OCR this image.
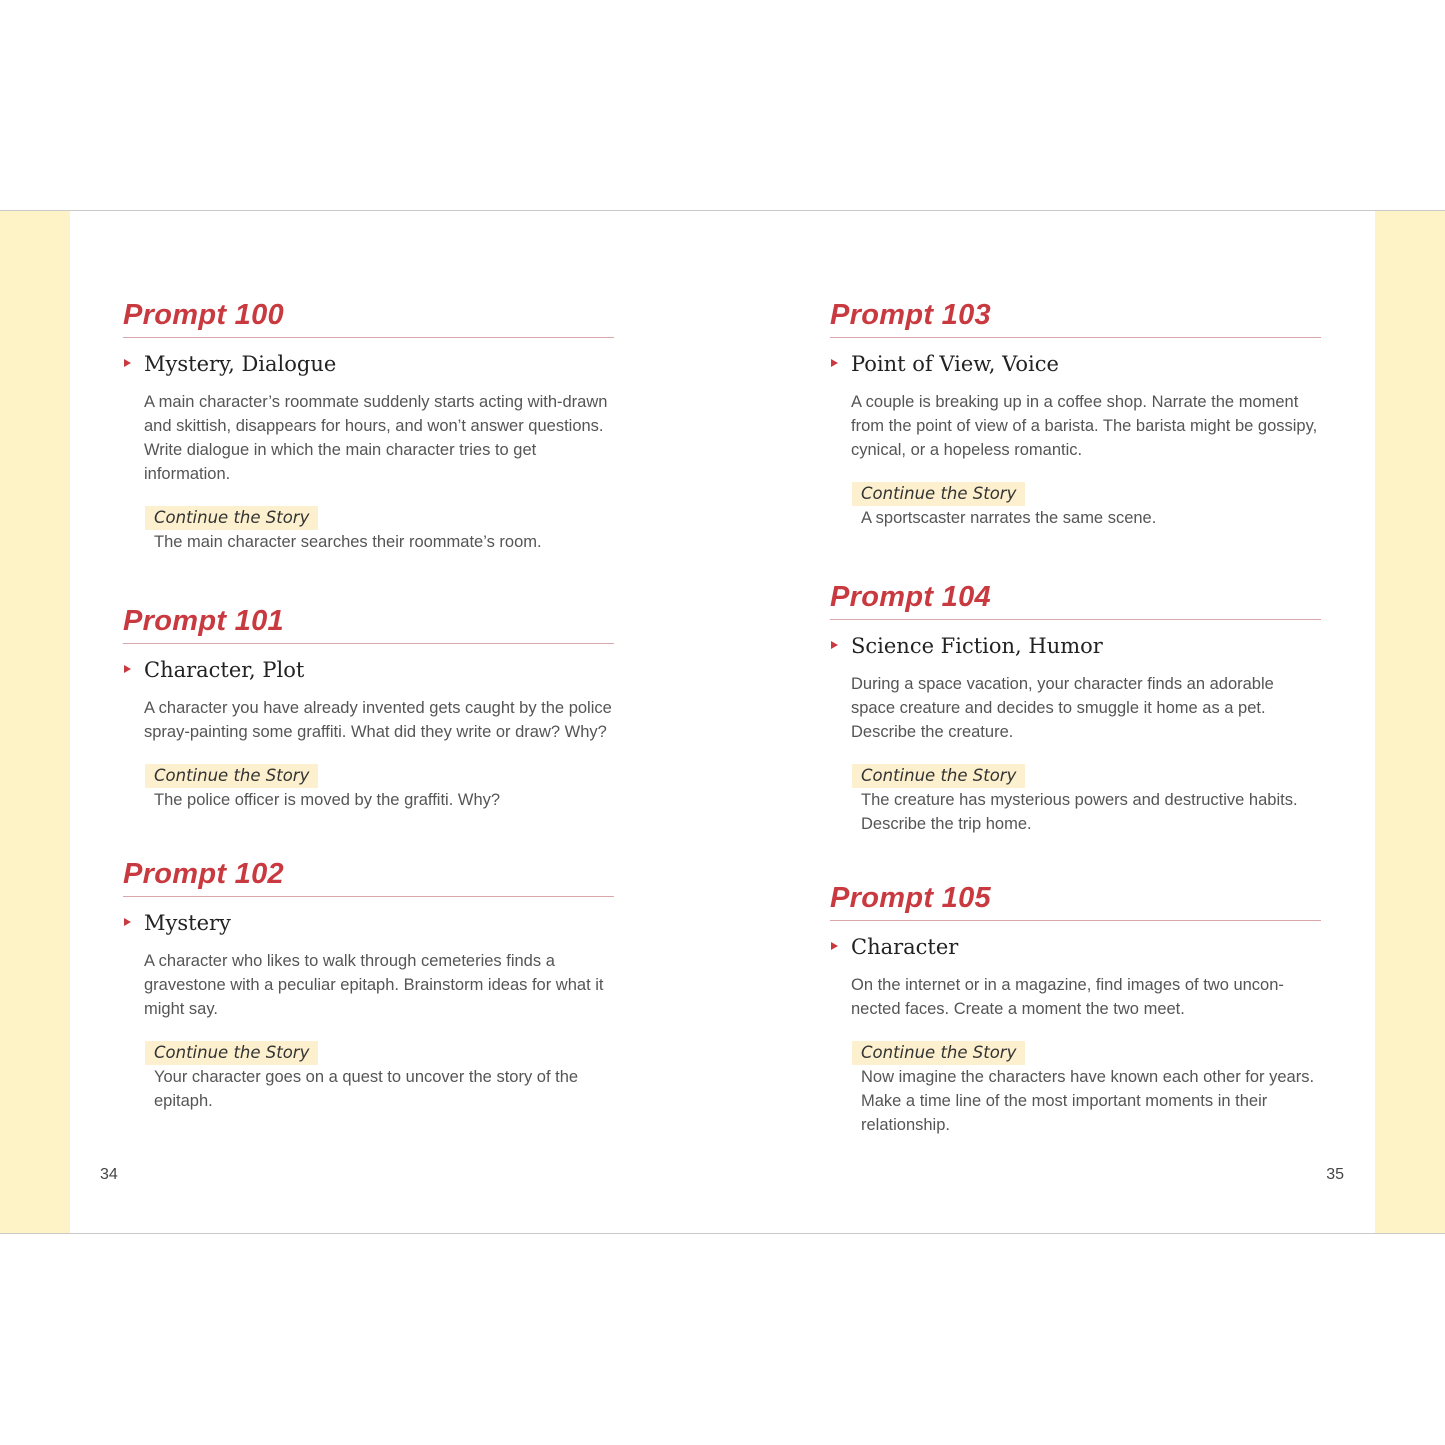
Prompt 100
Mystery, Dialogue
A main character’s roommate suddenly starts acting with-drawn and skittish, disappears for hours, and won’t answer questions. Write dialogue in which the main character tries to get information.
Continue the Story
The main character searches their roommate’s room.
Prompt 101
Character, Plot
A character you have already invented gets caught by the police spray-painting some graffiti. What did they write or draw? Why?
Continue the Story
The police officer is moved by the graffiti. Why?
Prompt 102
Mystery
A character who likes to walk through cemeteries finds a gravestone with a peculiar epitaph. Brainstorm ideas for what it might say.
Continue the Story
Your character goes on a quest to uncover the story of the epitaph.
Prompt 103
Point of View, Voice
A couple is breaking up in a coffee shop. Narrate the moment from the point of view of a barista. The barista might be gossipy, cynical, or a hopeless romantic.
Continue the Story
A sportscaster narrates the same scene.
Prompt 104
Science Fiction, Humor
During a space vacation, your character finds an adorable space creature and decides to smuggle it home as a pet. Describe the creature.
Continue the Story
The creature has mysterious powers and destructive habits. Describe the trip home.
Prompt 105
Character
On the internet or in a magazine, find images of two uncon-nected faces. Create a moment the two meet.
Continue the Story
Now imagine the characters have known each other for years. Make a time line of the most important moments in their relationship.
34	35
